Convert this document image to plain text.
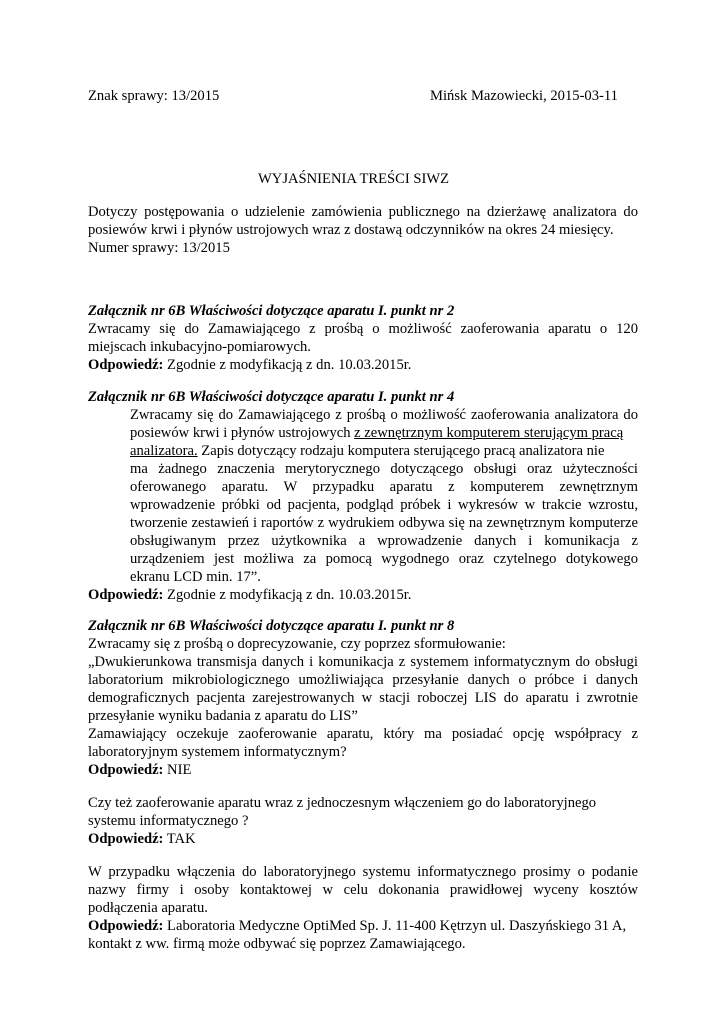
Znak sprawy: 13/2015	Mińsk Mazowiecki, 2015-03-11
WYJAŚNIENIA TREŚCI SIWZ
Dotyczy postępowania o udzielenie zamówienia publicznego na dzierżawę analizatora do
posiewów krwi i płynów ustrojowych wraz z dostawą odczynników na okres 24 miesięcy.
Numer sprawy: 13/2015
Załącznik nr 6B Właściwości dotyczące aparatu I. punkt nr 2
Zwracamy się do Zamawiającego z prośbą o możliwość zaoferowania aparatu o 120
miejscach inkubacyjno-pomiarowych.
Odpowiedź: Zgodnie z modyfikacją z dn. 10.03.2015r.
Załącznik nr 6B Właściwości dotyczące aparatu I. punkt nr 4
Zwracamy się do Zamawiającego z prośbą o możliwość zaoferowania analizatora do
posiewów krwi i płynów ustrojowych z zewnętrznym komputerem sterującym pracą
analizatora. Zapis dotyczący rodzaju komputera sterującego pracą analizatora nie
ma żadnego znaczenia merytorycznego dotyczącego obsługi oraz użyteczności
oferowanego aparatu. W przypadku aparatu z komputerem zewnętrznym
wprowadzenie próbki od pacjenta, podgląd próbek i wykresów w trakcie wzrostu,
tworzenie zestawień i raportów z wydrukiem odbywa się na zewnętrznym komputerze
obsługiwanym przez użytkownika a wprowadzenie danych i komunikacja z
urządzeniem jest możliwa za pomocą wygodnego oraz czytelnego dotykowego
ekranu LCD min. 17”.
Odpowiedź: Zgodnie z modyfikacją z dn. 10.03.2015r.
Załącznik nr 6B Właściwości dotyczące aparatu I. punkt nr 8
Zwracamy się z prośbą o doprecyzowanie, czy poprzez sformułowanie:
„Dwukierunkowa transmisja danych i komunikacja z systemem informatycznym do obsługi
laboratorium mikrobiologicznego umożliwiająca przesyłanie danych o próbce i danych
demograficznych pacjenta zarejestrowanych w stacji roboczej LIS do aparatu i zwrotnie
przesyłanie wyniku badania z aparatu do LIS”
Zamawiający oczekuje zaoferowanie aparatu, który ma posiadać opcję współpracy z
laboratoryjnym systemem informatycznym?
Odpowiedź: NIE
Czy też zaoferowanie aparatu wraz z jednoczesnym włączeniem go do laboratoryjnego
systemu informatycznego ?
Odpowiedź: TAK
W przypadku włączenia do laboratoryjnego systemu informatycznego prosimy o podanie
nazwy firmy i osoby kontaktowej w celu dokonania prawidłowej wyceny kosztów
podłączenia aparatu.
Odpowiedź: Laboratoria Medyczne OptiMed Sp. J. 11-400 Kętrzyn ul. Daszyńskiego 31 A,
kontakt z ww. firmą może odbywać się poprzez Zamawiającego.
